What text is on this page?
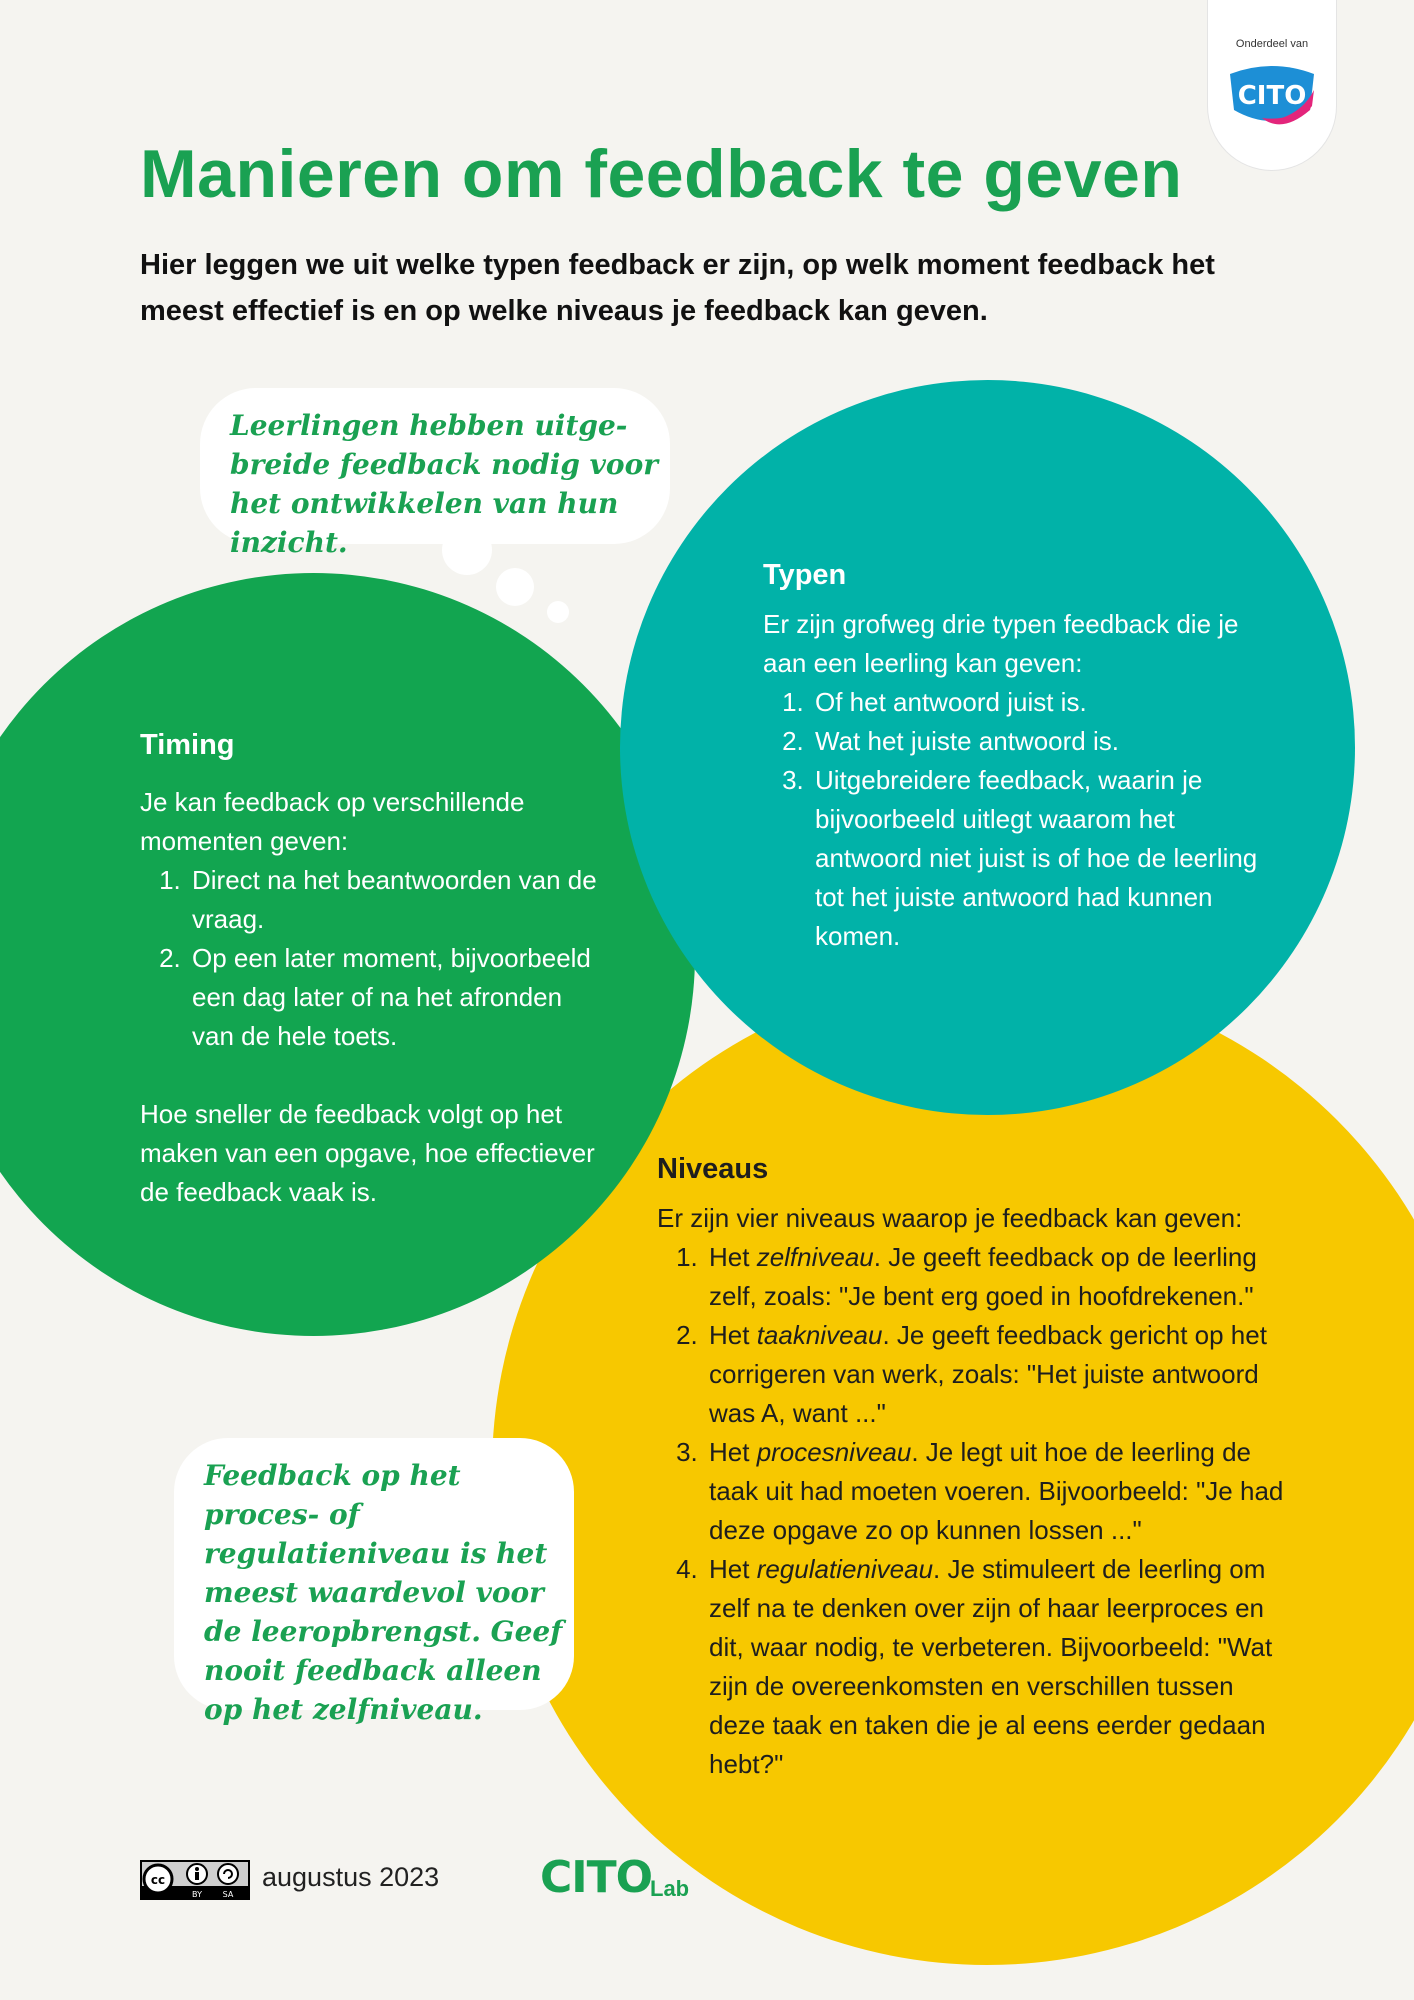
Onderdeel van
CITO
Manieren om feedback te geven

Hier leggen we uit welke typen feedback er zijn, op welk moment feedback het meest effectief is en op welke niveaus je feedback kan geven.

Leerlingen hebben uitge-breide feedback nodig voor het ontwikkelen van hun inzicht.

Timing

Je kan feedback op verschillende momenten geven:

1. Direct na het beantwoorden van de vraag.
2. Op een later moment, bijvoorbeeld een dag later of na het afronden van de hele toets.

Hoe sneller de feedback volgt op het maken van een opgave, hoe effectiever de feedback vaak is.

Typen

Er zijn grofweg drie typen feedback die je aan een leerling kan geven:

1. Of het antwoord juist is.
2. Wat het juiste antwoord is.
3. Uitgebreidere feedback, waarin je bijvoorbeeld uitlegt waarom het antwoord niet juist is of hoe de leerling tot het juiste antwoord had kunnen komen.
Niveaus

Er zijn vier niveaus waarop je feedback kan geven:

1. Het zelfniveau. Je geeft feedback op de leerling zelf, zoals: "Je bent erg goed in hoofdrekenen."
2. Het taakniveau. Je geeft feedback gericht op het corrigeren van werk, zoals: "Het juiste antwoord was A, want ..."
3. Het procesniveau. Je legt uit hoe de leerling de taak uit had moeten voeren. Bijvoorbeeld: "Je had deze opgave zo op kunnen lossen ..."
4. Het regulatieniveau. Je stimuleert de leerling om zelf na te denken over zijn of haar leerproces en dit, waar nodig, te verbeteren. Bijvoorbeeld: "Wat zijn de overeenkomsten en verschillen tussen deze taak en taken die je al eens eerder gedaan hebt?"

Feedback op het proces- of regulatieniveau is het meest waardevol voor de leeropbrengst. Geef nooit feedback alleen op het zelfniveau.

cc
BY	SA
augustus 2023 CITO
Lab
